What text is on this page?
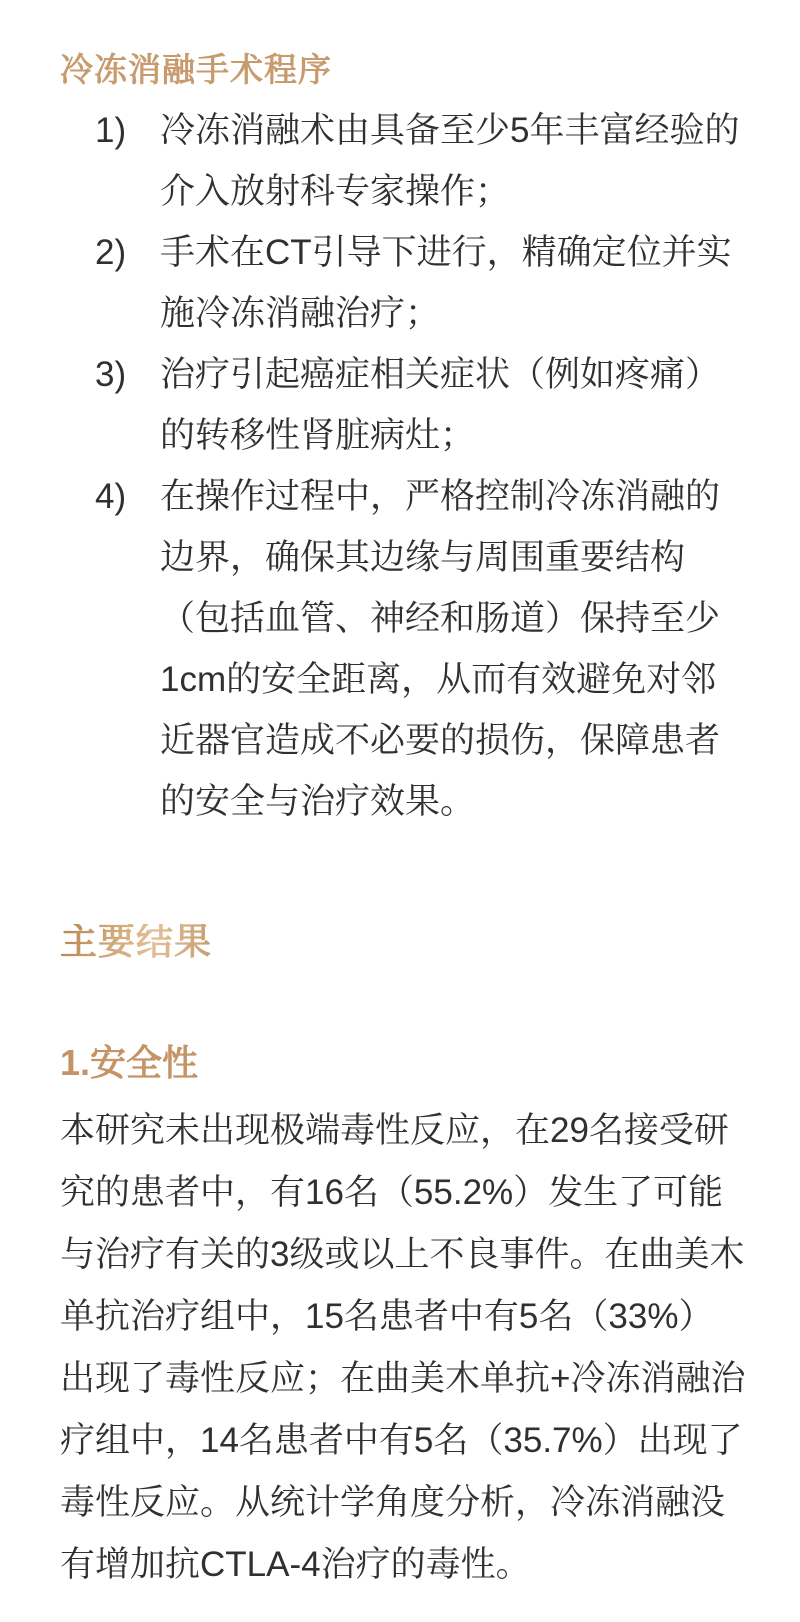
冷冻消融手术程序
1) 冷冻消融术由具备至少5年丰富经验的介入放射科专家操作；
2) 手术在CT引导下进行，精确定位并实施冷冻消融治疗；
3) 治疗引起癌症相关症状（例如疼痛）的转移性肾脏病灶；
4) 在操作过程中，严格控制冷冻消融的边界，确保其边缘与周围重要结构（包括血管、神经和肠道）保持至少1cm的安全距离，从而有效避免对邻近器官造成不必要的损伤，保障患者的安全与治疗效果。
主要结果
1.安全性

本研究未出现极端毒性反应，在29名接受研究的患者中，有16名（55.2%）发生了可能与治疗有关的3级或以上不良事件。在曲美木单抗治疗组中，15名患者中有5名（33%）出现了毒性反应；在曲美木单抗+冷冻消融治疗组中，14名患者中有5名（35.7%）出现了毒性反应。从统计学角度分析，冷冻消融没有增加抗CTLA-4治疗的毒性。
